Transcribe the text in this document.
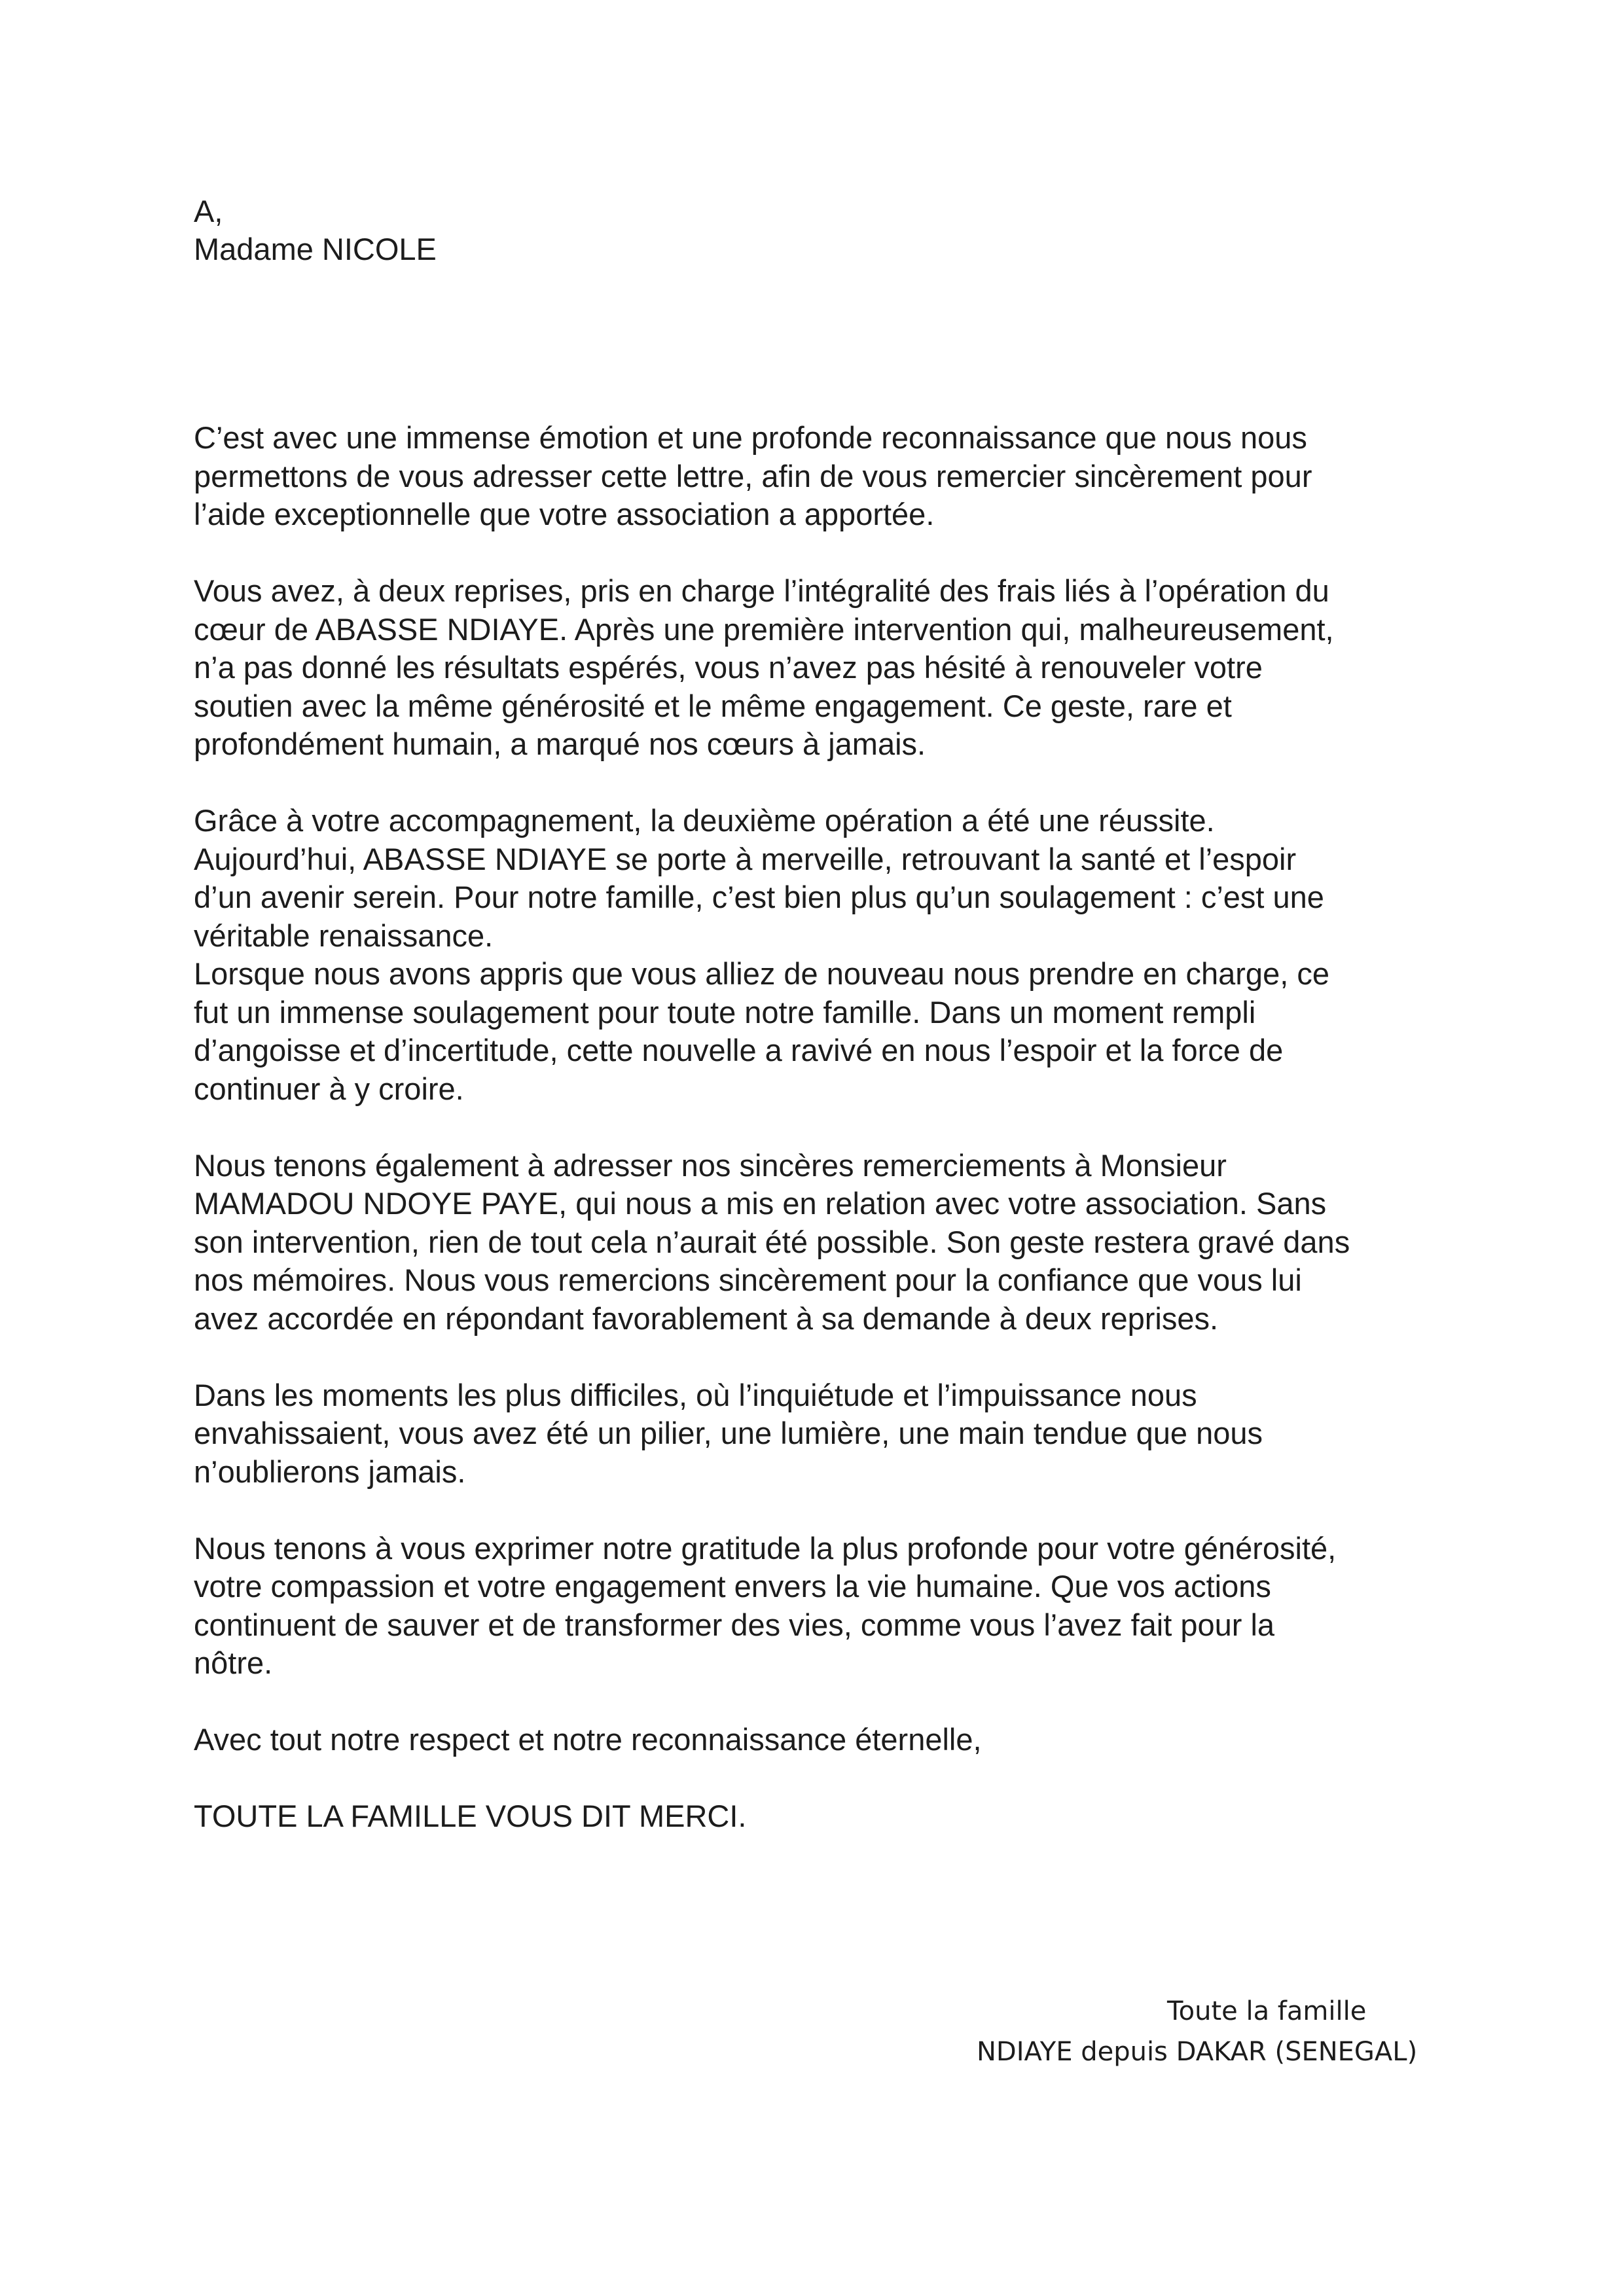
A,

Madame NICOLE

C’est avec une immense émotion et une profonde reconnaissance que nous nous
permettons de vous adresser cette lettre, afin de vous remercier sincèrement pour
l’aide exceptionnelle que votre association a apportée.

Vous avez, à deux reprises, pris en charge l’intégralité des frais liés à l’opération du
cœur de ABASSE NDIAYE. Après une première intervention qui, malheureusement,
n’a pas donné les résultats espérés, vous n’avez pas hésité à renouveler votre
soutien avec la même générosité et le même engagement. Ce geste, rare et
profondément humain, a marqué nos cœurs à jamais.

Grâce à votre accompagnement, la deuxième opération a été une réussite.
Aujourd’hui, ABASSE NDIAYE se porte à merveille, retrouvant la santé et l’espoir
d’un avenir serein. Pour notre famille, c’est bien plus qu’un soulagement : c’est une
véritable renaissance.

Lorsque nous avons appris que vous alliez de nouveau nous prendre en charge, ce
fut un immense soulagement pour toute notre famille. Dans un moment rempli
d’angoisse et d’incertitude, cette nouvelle a ravivé en nous l’espoir et la force de
continuer à y croire.

Nous tenons également à adresser nos sincères remerciements à Monsieur
MAMADOU NDOYE PAYE, qui nous a mis en relation avec votre association. Sans
son intervention, rien de tout cela n’aurait été possible. Son geste restera gravé dans
nos mémoires. Nous vous remercions sincèrement pour la confiance que vous lui
avez accordée en répondant favorablement à sa demande à deux reprises.

Dans les moments les plus difficiles, où l’inquiétude et l’impuissance nous
envahissaient, vous avez été un pilier, une lumière, une main tendue que nous
n’oublierons jamais.

Nous tenons à vous exprimer notre gratitude la plus profonde pour votre générosité,
votre compassion et votre engagement envers la vie humaine. Que vos actions
continuent de sauver et de transformer des vies, comme vous l’avez fait pour la
nôtre.

Avec tout notre respect et notre reconnaissance éternelle,

TOUTE LA FAMILLE VOUS DIT MERCI.

Toute la famille
NDIAYE depuis DAKAR (SENEGAL)
